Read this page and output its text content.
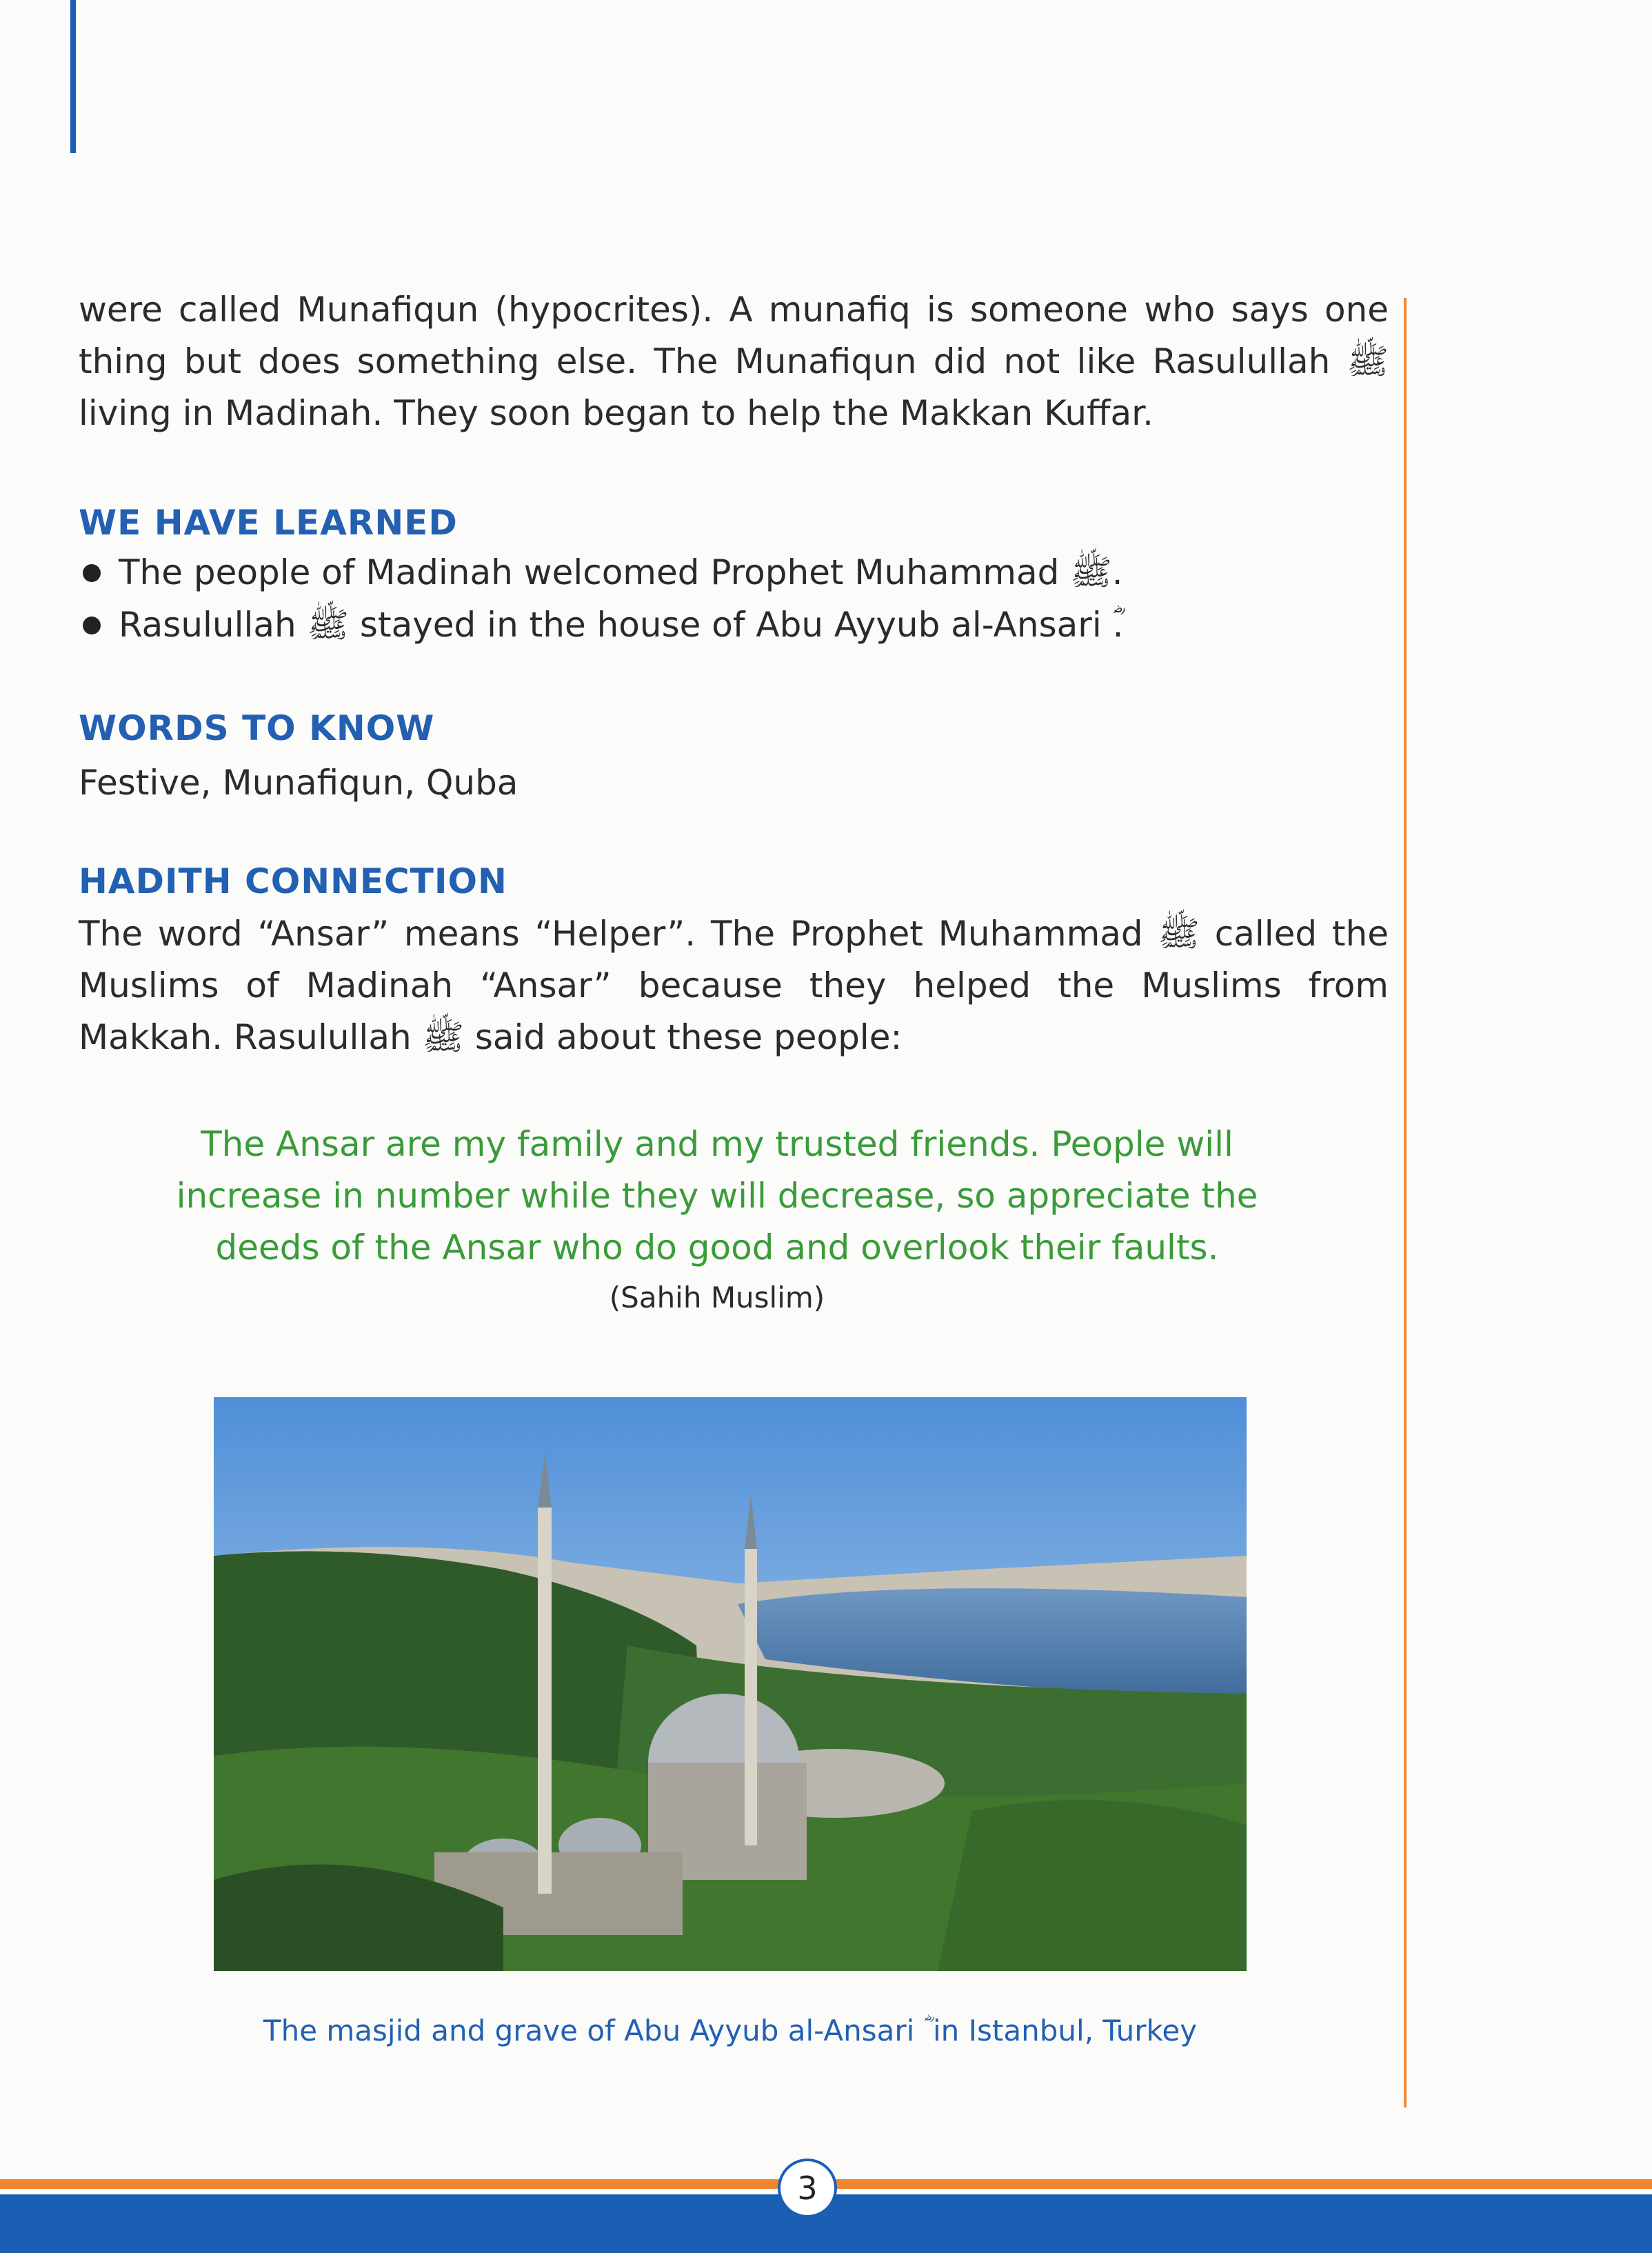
were called Munafiqun (hypocrites). A munafiq is someone who says one thing but does something else. The Munafiqun did not like Rasulullah ﷺ living in Madinah. They soon began to help the Makkan Kuffar.

WE HAVE LEARNED
The people of Madinah welcomed Prophet Muhammad ﷺ.
Rasulullah ﷺ stayed in the house of Abu Ayyub al-Ansari ؓ.
WORDS TO KNOW

Festive, Munafiqun, Quba

HADITH CONNECTION

The word “Ansar” means “Helper”. The Prophet Muhammad ﷺ called the Muslims of Madinah “Ansar” because they helped the Muslims from Makkah. Rasulullah ﷺ said about these people:

The Ansar are my family and my trusted friends. People will increase in number while they will decrease, so appreciate the deeds of the Ansar who do good and overlook their faults.

(Sahih Muslim)
The masjid and grave of Abu Ayyub al-Ansari ؓ in Istanbul, Turkey
3
